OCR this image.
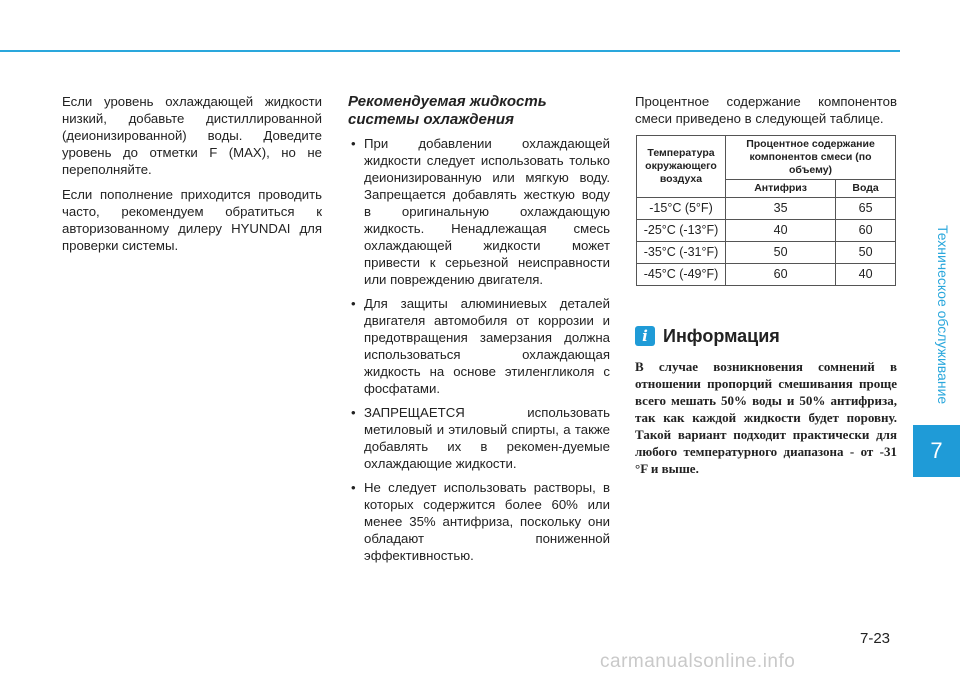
Техническое обслуживание
7

Если уровень охлаждающей жидкости низкий, добавьте дистиллированной (деионизированной) воды. Доведите уровень до отметки F (MAX), но не переполняйте.

Если пополнение приходится проводить часто, рекомендуем обратиться к авторизованному дилеру HYUNDAI для проверки системы.

Рекомендуемая жидкость системы охлаждения
• При добавлении охлаждающей жидкости следует использовать только деионизированную или мягкую воду. Запрещается добавлять жесткую воду в оригинальную охлаждающую жидкость. Ненадлежащая смесь охлаждающей жидкости может привести к серьезной неисправности или повреждению двигателя.
• Для защиты алюминиевых деталей двигателя автомобиля от коррозии и предотвращения замерзания должна использоваться охлаждающая жидкость на основе этиленгликоля с фосфатами.
• ЗАПРЕЩАЕТСЯ использовать метиловый и этиловый спирты, а также добавлять их в рекомен-дуемые охлаждающие жидкости.
• Не следует использовать растворы, в которых содержится более 60% или менее 35% антифриза, поскольку они обладают пониженной эффективностью.

Процентное содержание компонентов смеси приведено в следующей таблице.

Температура окружающего воздуха	Процентное содержание компонентов смеси (по объему)	
	Антифриз	Вода
-15°C (5°F)	35	65
-25°C (-13°F)	40	60
-35°C (-31°F)	50	50
-45°C (-49°F)	60	40
i Информация
В случае возникновения сомнений в отношении пропорций смешивания проще всего мешать 50% воды и 50% антифриза, так как каждой жидкости будет поровну. Такой вариант подходит практически для любого температурного диапазона - от -31 °F и выше.
7-23
carmanualsonline.info
